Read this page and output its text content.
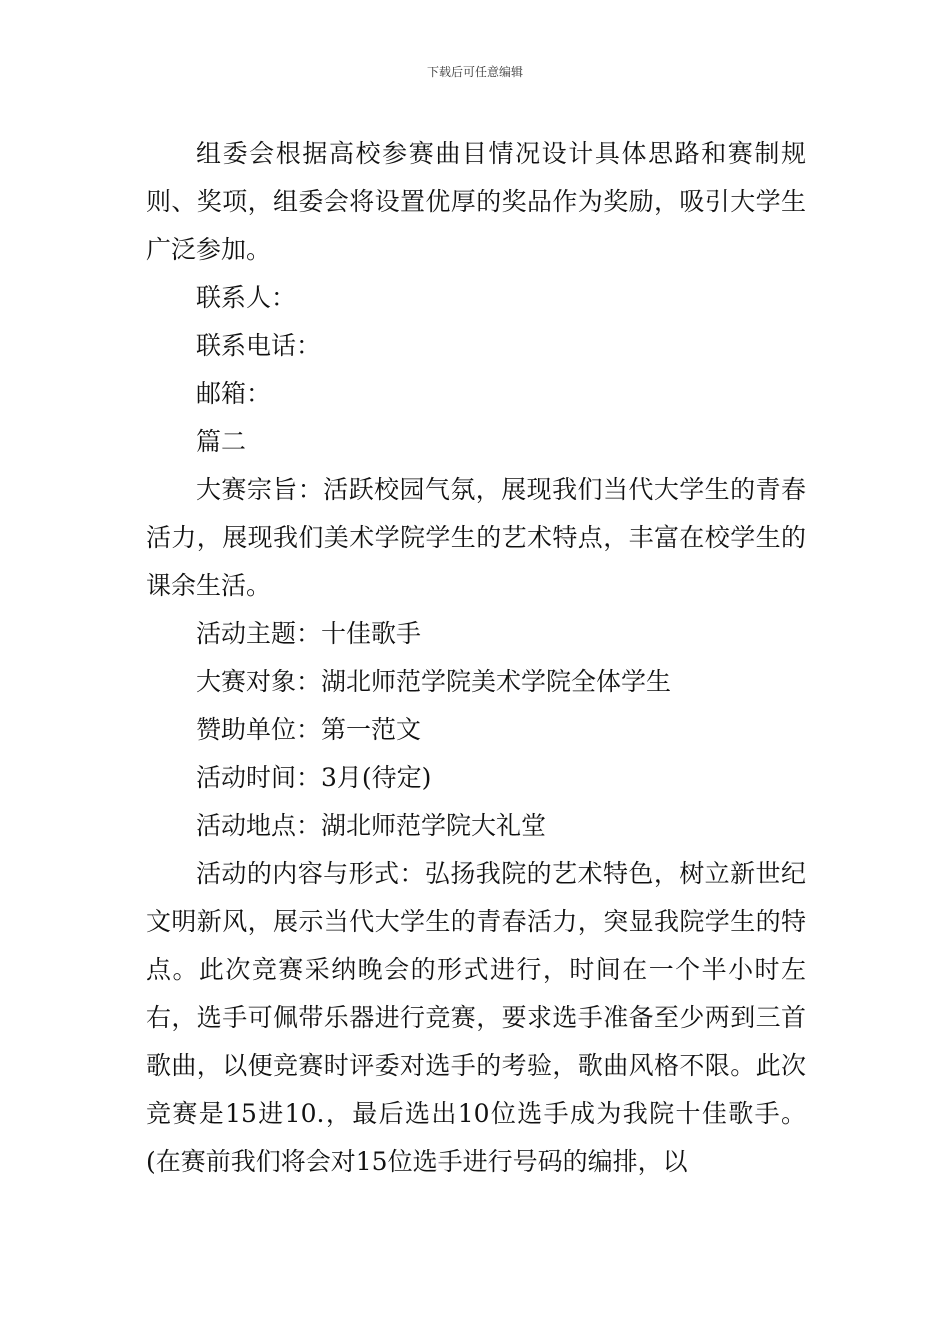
下载后可任意编辑

组委会根据高校参赛曲目情况设计具体思路和赛制规则、奖项，组委会将设置优厚的奖品作为奖励，吸引大学生广泛参加。

联系人：

联系电话：

邮箱：

篇二

大赛宗旨：活跃校园气氛，展现我们当代大学生的青春活力，展现我们美术学院学生的艺术特点，丰富在校学生的课余生活。

活动主题：十佳歌手

大赛对象：湖北师范学院美术学院全体学生

赞助单位：第一范文

活动时间：3月(待定)

活动地点：湖北师范学院大礼堂

活动的内容与形式：弘扬我院的艺术特色，树立新世纪文明新风，展示当代大学生的青春活力，突显我院学生的特点。此次竞赛采纳晚会的形式进行，时间在一个半小时左右，选手可佩带乐器进行竞赛，要求选手准备至少两到三首歌曲，以便竞赛时评委对选手的考验，歌曲风格不限。此次竞赛是15进10.，最后选出10位选手成为我院十佳歌手。(在赛前我们将会对15位选手进行号码的编排，以
